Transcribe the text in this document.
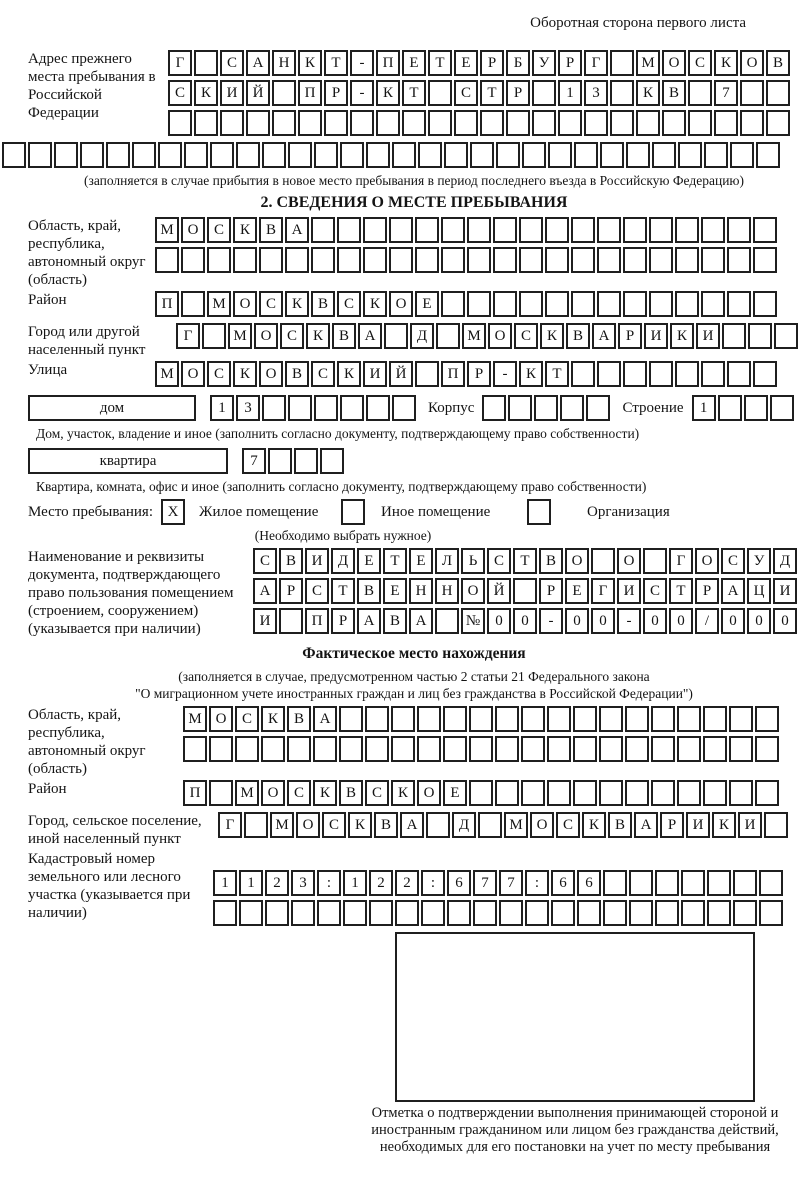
Оборотная сторона первого листа
Адрес прежнего места пребывания в Российской Федерации
Г	С А Н К Т - П Е Т Е Р Б У Р Г	М О С К О В
С К И Й	П Р - К Т	С Т Р	1 3	К В	7
(заполняется в случае прибытия в новое место пребывания в период последнего въезда в Российскую Федерацию)
2. СВЕДЕНИЯ О МЕСТЕ ПРЕБЫВАНИЯ
Область, край, республика, автономный округ (область)
М О С К В А
Район	П	М О С К В С К О Е
Город или другой населенный пункт
Г	М О С К В А	Д	М О С К В А Р И К И
Улица	М О С К О В С К И Й	П Р - К Т
дом	1 3	Корпус	Строение	1
Дом, участок, владение и иное (заполнить согласно документу, подтверждающему право собственности)
квартира	7
Квартира, комната, офис и иное (заполнить согласно документу, подтверждающему право собственности)
Место пребывания: X	Жилое помещение	Иное помещение	Организация
(Необходимо выбрать нужное)
Наименование и реквизиты документа, подтверждающего право пользования помещением (строением, сооружением) (указывается при наличии)
С В И Д Е Т Е Л Ь С Т В О	О	Г О С У Д
А Р С Т В Е Н Н О Й	Р Е Г И С Т Р А Ц И
И	П Р А В А	№ 0 0 - 0 0 - 0 0 / 0 0 0
Фактическое место нахождения
(заполняется в случае, предусмотренном частью 2 статьи 21 Федерального закона
"О миграционном учете иностранных граждан и лиц без гражданства в Российской Федерации")
Область, край, республика, автономный округ (область)
М О С К В А
Район	П	М О С К В С К О Е
Город, сельское поселение, иной населенный пункт
Г	М О С К В А	Д	М О С К В А Р И К И
Кадастровый номер земельного или лесного участка (указывается при наличии)
1 1 2 3 : 1 2 2 : 6 7 7 : 6 6
Отметка о подтверждении выполнения принимающей стороной и иностранным гражданином или лицом без гражданства действий, необходимых для его постановки на учет по месту пребывания
